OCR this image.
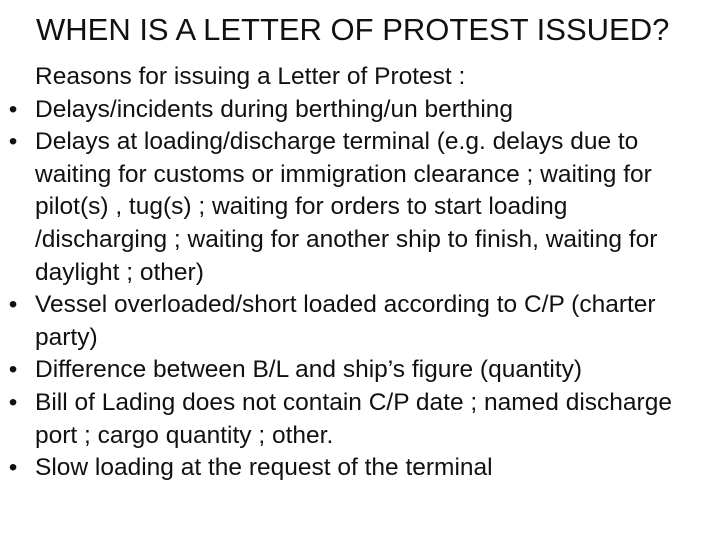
WHEN IS A LETTER OF PROTEST ISSUED?
Reasons for issuing a Letter of Protest :
• Delays/incidents during berthing/un berthing
• Delays at loading/discharge terminal (e.g. delays due to waiting for customs or immigration clearance ; waiting for pilot(s) , tug(s) ; waiting for orders to start loading /discharging ; waiting for another ship to finish, waiting for daylight ; other)
• Vessel overloaded/short loaded according to C/P (charter party)
• Difference between B/L and ship’s figure (quantity)
• Bill of Lading does not contain C/P date ; named discharge port ; cargo quantity ; other.
• Slow loading at the request of the terminal
